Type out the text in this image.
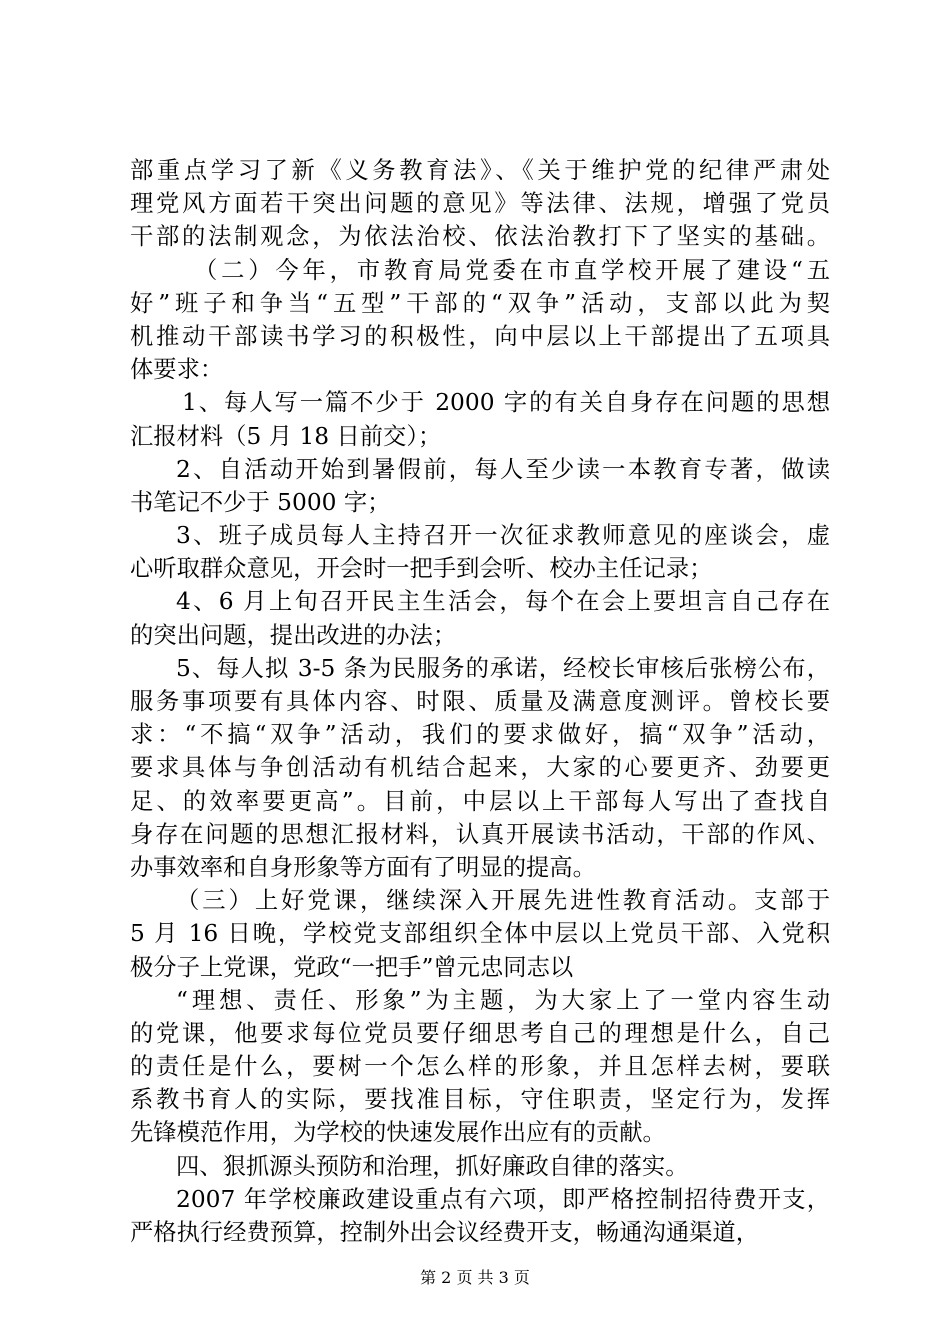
部重点学习了新《义务教育法》、《关于维护党的纪律严肃处
理党风方面若干突出问题的意见》等法律、法规，增强了党员
干部的法制观念，为依法治校、依法治教打下了坚实的基础。
（二）今年，市教育局党委在市直学校开展了建设“五
好”班子和争当“五型”干部的“双争”活动，支部以此为契
机推动干部读书学习的积极性，向中层以上干部提出了五项具
体要求：
1、每人写一篇不少于 2000 字的有关自身存在问题的思想
汇报材料（5 月 18 日前交）；
2、自活动开始到暑假前，每人至少读一本教育专著，做读
书笔记不少于 5000 字；
3、班子成员每人主持召开一次征求教师意见的座谈会，虚
心听取群众意见，开会时一把手到会听、校办主任记录；
4、6 月上旬召开民主生活会，每个在会上要坦言自己存在
的突出问题，提出改进的办法；
5、每人拟 3-5 条为民服务的承诺，经校长审核后张榜公布，
服务事项要有具体内容、时限、质量及满意度测评。曾校长要
求：“不搞“双争”活动，我们的要求做好，搞“双争”活动，
要求具体与争创活动有机结合起来，大家的心要更齐、劲要更
足、的效率要更高”。目前，中层以上干部每人写出了查找自
身存在问题的思想汇报材料，认真开展读书活动，干部的作风、
办事效率和自身形象等方面有了明显的提高。
（三）上好党课，继续深入开展先进性教育活动。支部于
5 月 16 日晚，学校党支部组织全体中层以上党员干部、入党积
极分子上党课，党政“一把手”曾元忠同志以
“理想、责任、形象”为主题，为大家上了一堂内容生动
的党课，他要求每位党员要仔细思考自己的理想是什么，自己
的责任是什么，要树一个怎么样的形象，并且怎样去树，要联
系教书育人的实际，要找准目标，守住职责，坚定行为，发挥
先锋模范作用，为学校的快速发展作出应有的贡献。
四、狠抓源头预防和治理，抓好廉政自律的落实。
2007 年学校廉政建设重点有六项，即严格控制招待费开支，
严格执行经费预算，控制外出会议经费开支，畅通沟通渠道，
第 2 页 共 3 页
